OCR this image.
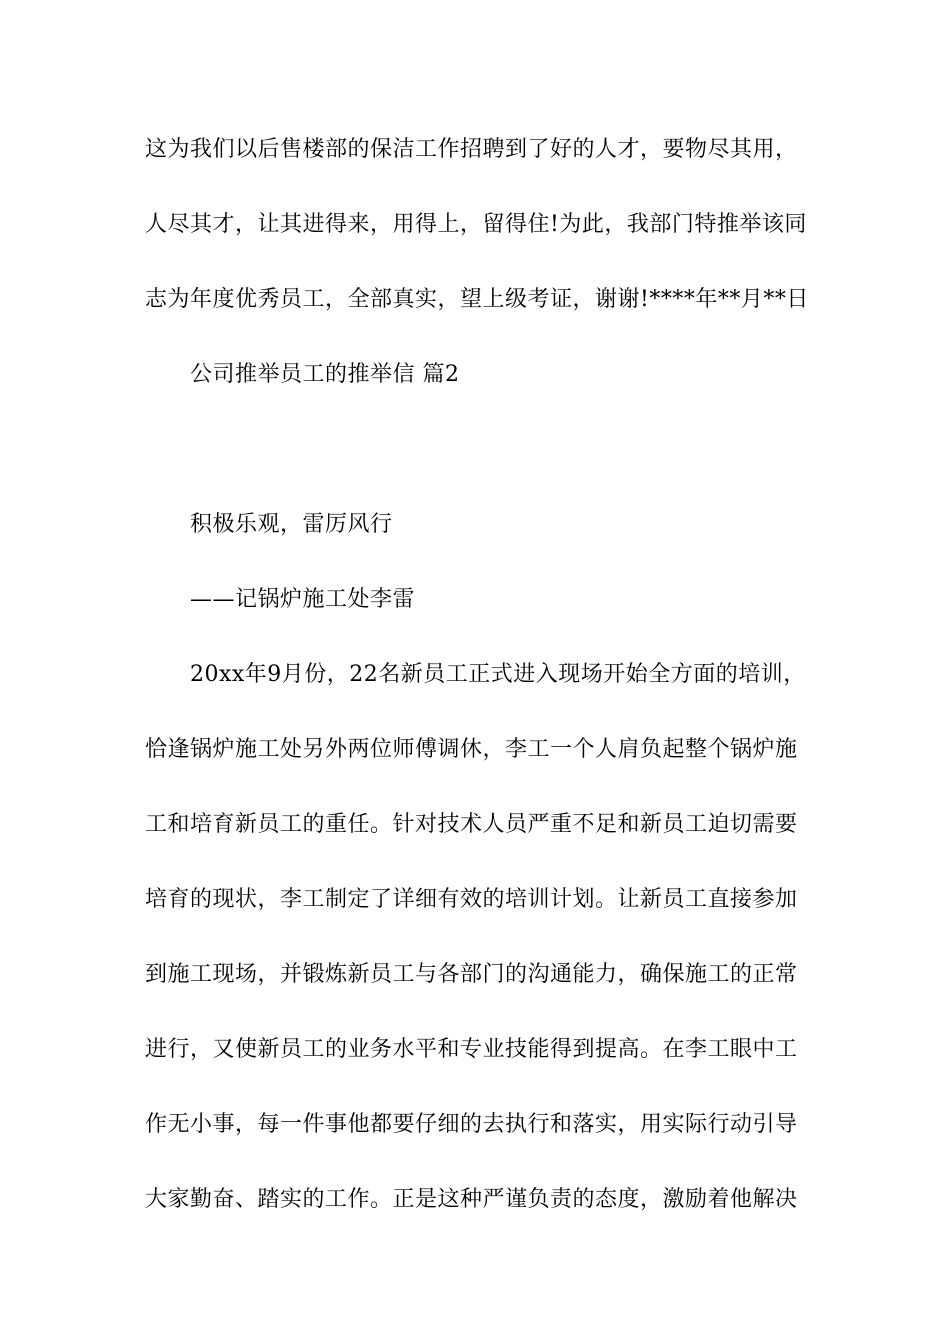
这为我们以后售楼部的保洁工作招聘到了好的人才，要物尽其用，
人尽其才，让其进得来，用得上，留得住!为此，我部门特推举该同
志为年度优秀员工，全部真实，望上级考证，谢谢!****年**月**日
公司推举员工的推举信 篇2
积极乐观，雷厉风行
——记锅炉施工处李雷
20xx年9月份，22名新员工正式进入现场开始全方面的培训，
恰逢锅炉施工处另外两位师傅调休，李工一个人肩负起整个锅炉施
工和培育新员工的重任。针对技术人员严重不足和新员工迫切需要
培育的现状，李工制定了详细有效的培训计划。让新员工直接参加
到施工现场，并锻炼新员工与各部门的沟通能力，确保施工的正常
进行，又使新员工的业务水平和专业技能得到提高。在李工眼中工
作无小事，每一件事他都要仔细的去执行和落实，用实际行动引导
大家勤奋、踏实的工作。正是这种严谨负责的态度，激励着他解决
